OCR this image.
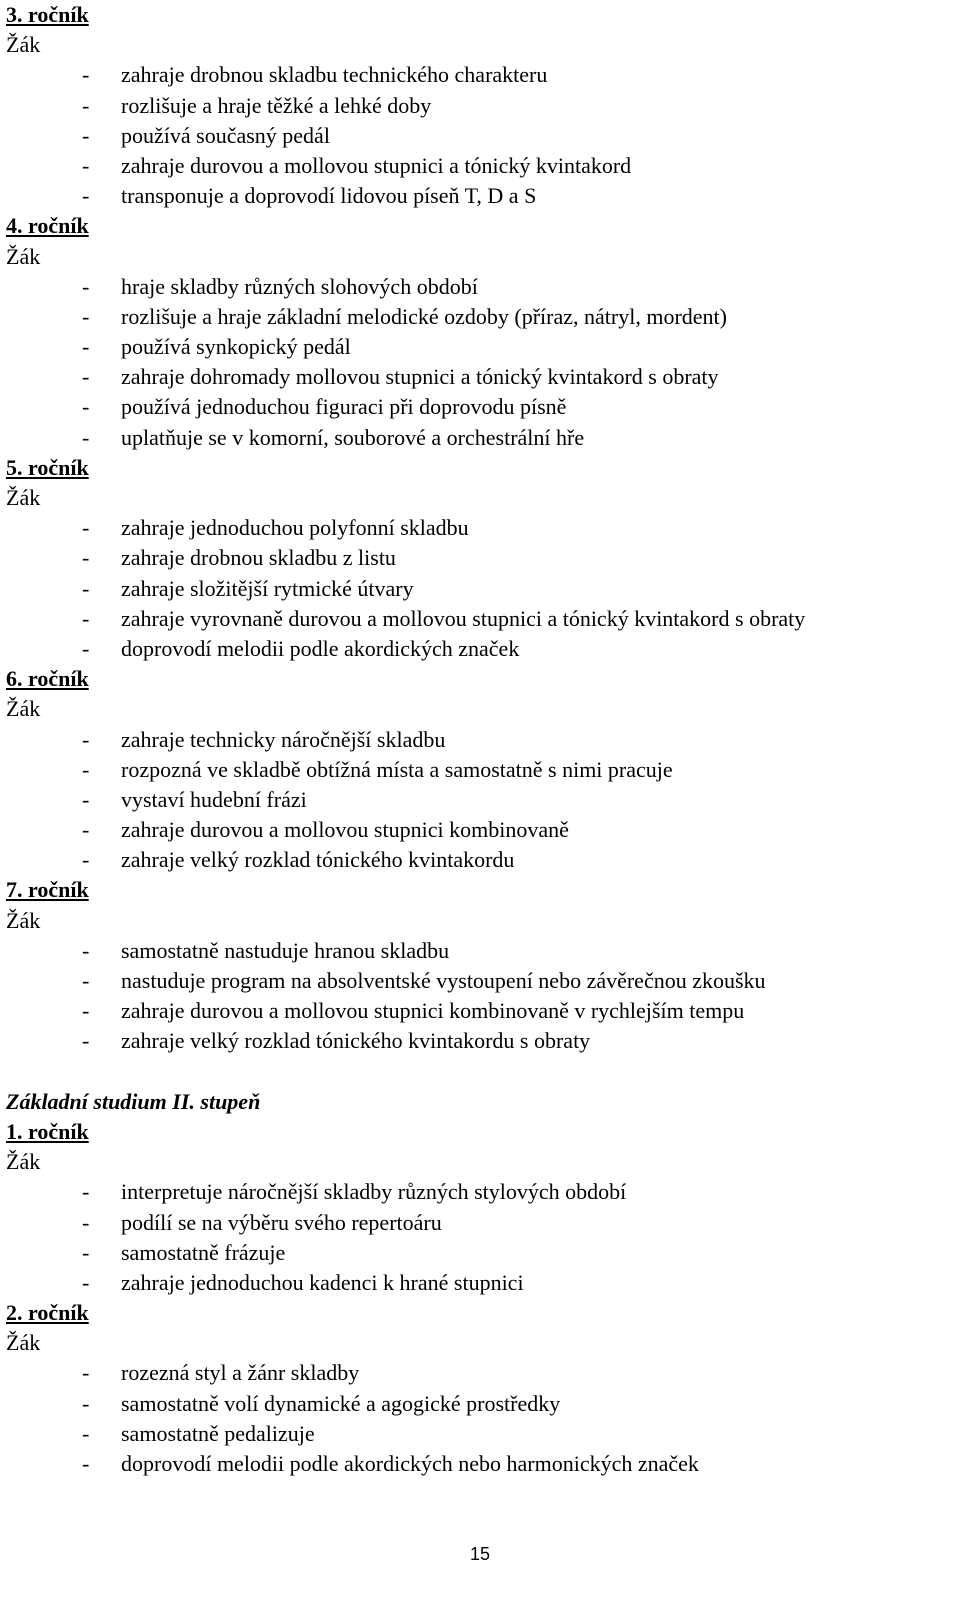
3. ročník
Žák
- zahraje drobnou skladbu technického charakteru
- rozlišuje a hraje těžké a lehké doby
- používá současný pedál
- zahraje durovou a mollovou stupnici a tónický kvintakord
- transponuje a doprovodí lidovou píseň T, D a S
4. ročník
Žák
- hraje skladby různých slohových období
- rozlišuje a hraje základní melodické ozdoby (příraz, nátryl, mordent)
- používá synkopický pedál
- zahraje dohromady mollovou stupnici a tónický kvintakord s obraty
- používá jednoduchou figuraci při doprovodu písně
- uplatňuje se v komorní, souborové a orchestrální hře
5. ročník
Žák
- zahraje jednoduchou polyfonní skladbu
- zahraje drobnou skladbu z listu
- zahraje složitější rytmické útvary
- zahraje vyrovnaně durovou a mollovou stupnici a tónický kvintakord s obraty
- doprovodí melodii podle akordických značek
6. ročník
Žák
- zahraje technicky náročnější skladbu
- rozpozná ve skladbě obtížná místa a samostatně s nimi pracuje
- vystaví hudební frázi
- zahraje durovou a mollovou stupnici kombinovaně
- zahraje velký rozklad tónického kvintakordu
7. ročník
Žák
- samostatně nastuduje hranou skladbu
- nastuduje program na absolventské vystoupení nebo závěrečnou zkoušku
- zahraje durovou a mollovou stupnici kombinovaně v rychlejším tempu
- zahraje velký rozklad tónického kvintakordu s obraty
Základní studium II. stupeň
1. ročník
Žák
- interpretuje náročnější skladby různých stylových období
- podílí se na výběru svého repertoáru
- samostatně frázuje
- zahraje jednoduchou kadenci k hrané stupnici
2. ročník
Žák
- rozezná styl a žánr skladby
- samostatně volí dynamické a agogické prostředky
- samostatně pedalizuje
- doprovodí melodii podle akordických nebo harmonických značek
15
